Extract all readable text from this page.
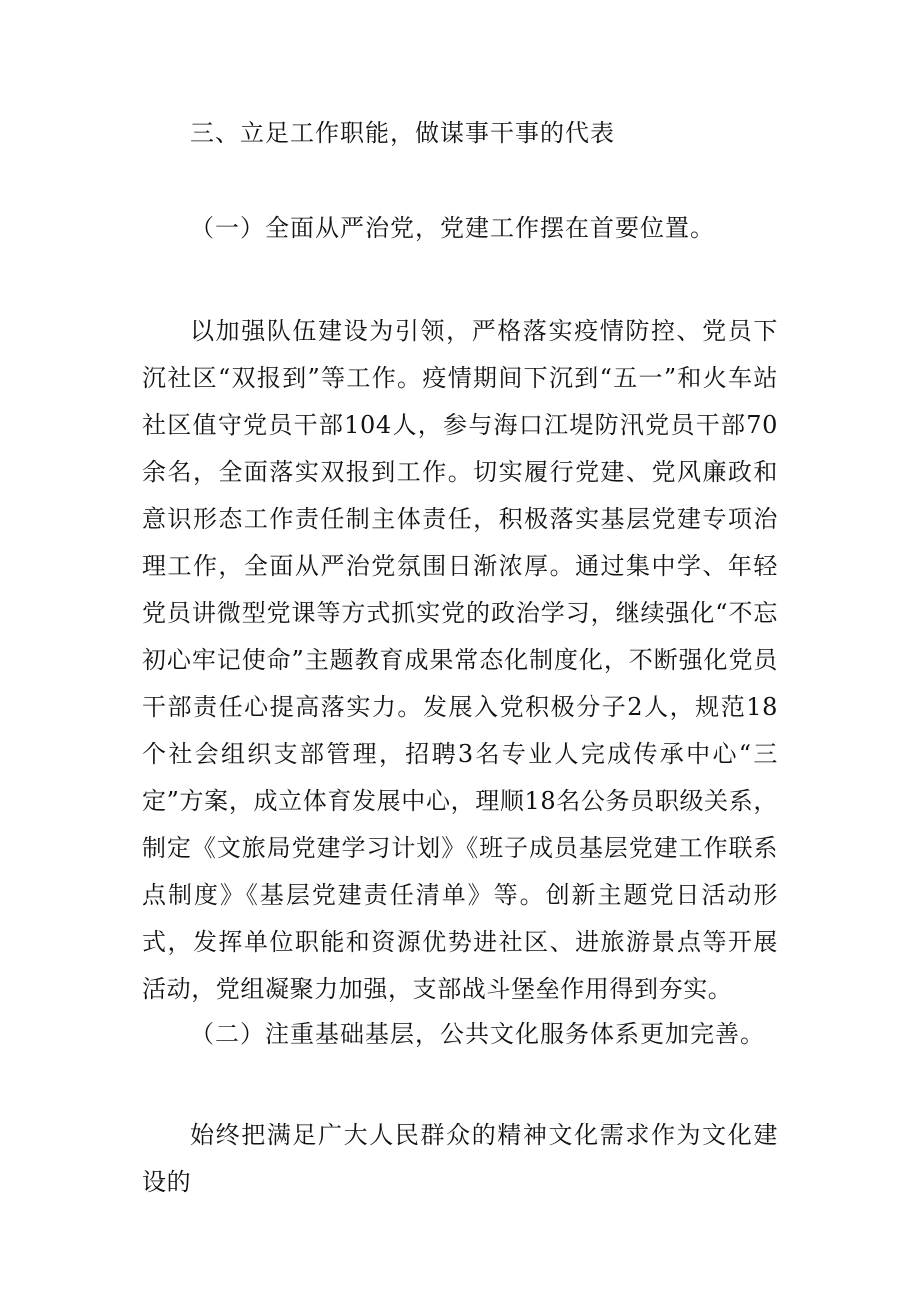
三、立足工作职能，做谋事干事的代表
（一）全面从严治党，党建工作摆在首要位置。
以加强队伍建设为引领，严格落实疫情防控、党员下沉社区“双报到”等工作。疫情期间下沉到“五一”和火车站社区值守党员干部104人，参与海口江堤防汛党员干部70余名，全面落实双报到工作。切实履行党建、党风廉政和意识形态工作责任制主体责任，积极落实基层党建专项治理工作，全面从严治党氛围日渐浓厚。通过集中学、年轻党员讲微型党课等方式抓实党的政治学习，继续强化“不忘初心牢记使命”主题教育成果常态化制度化，不断强化党员干部责任心提高落实力。发展入党积极分子2人，规范18个社会组织支部管理，招聘3名专业人完成传承中心“三定”方案，成立体育发展中心，理顺18名公务员职级关系，制定《文旅局党建学习计划》《班子成员基层党建工作联系点制度》《基层党建责任清单》等。创新主题党日活动形式，发挥单位职能和资源优势进社区、进旅游景点等开展活动，党组凝聚力加强，支部战斗堡垒作用得到夯实。
（二）注重基础基层，公共文化服务体系更加完善。
始终把满足广大人民群众的精神文化需求作为文化建设的
